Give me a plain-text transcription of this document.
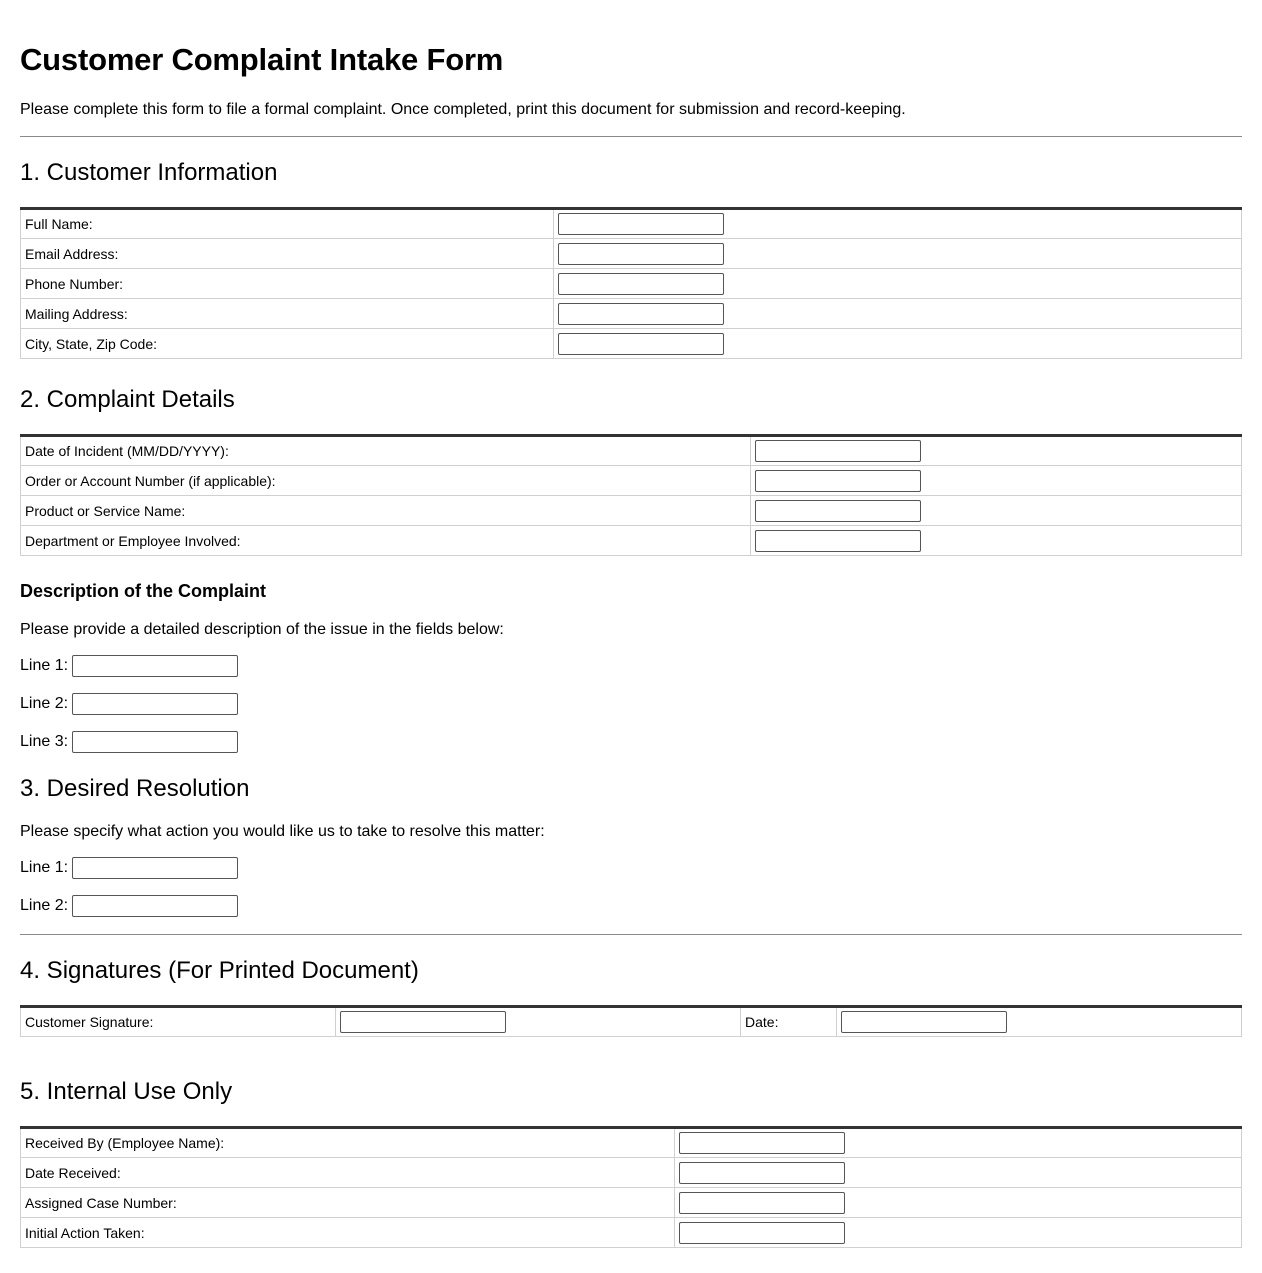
Customer Complaint Intake Form

Please complete this form to file a formal complaint. Once completed, print this document for submission and record-keeping.

1. Customer Information
Full Name:	
Email Address:	
Phone Number:	
Mailing Address:	
City, State, Zip Code:	
2. Complaint Details
Date of Incident (MM/DD/YYYY):	
Order or Account Number (if applicable):	
Product or Service Name:	
Department or Employee Involved:	
Description of the Complaint

Please provide a detailed description of the issue in the fields below:

Line 1:
Line 2:
Line 3:
3. Desired Resolution

Please specify what action you would like us to take to resolve this matter:

Line 1:
Line 2:
4. Signatures (For Printed Document)
Customer Signature:		Date:	
5. Internal Use Only
Received By (Employee Name):	
Date Received:	
Assigned Case Number:	
Initial Action Taken:	
